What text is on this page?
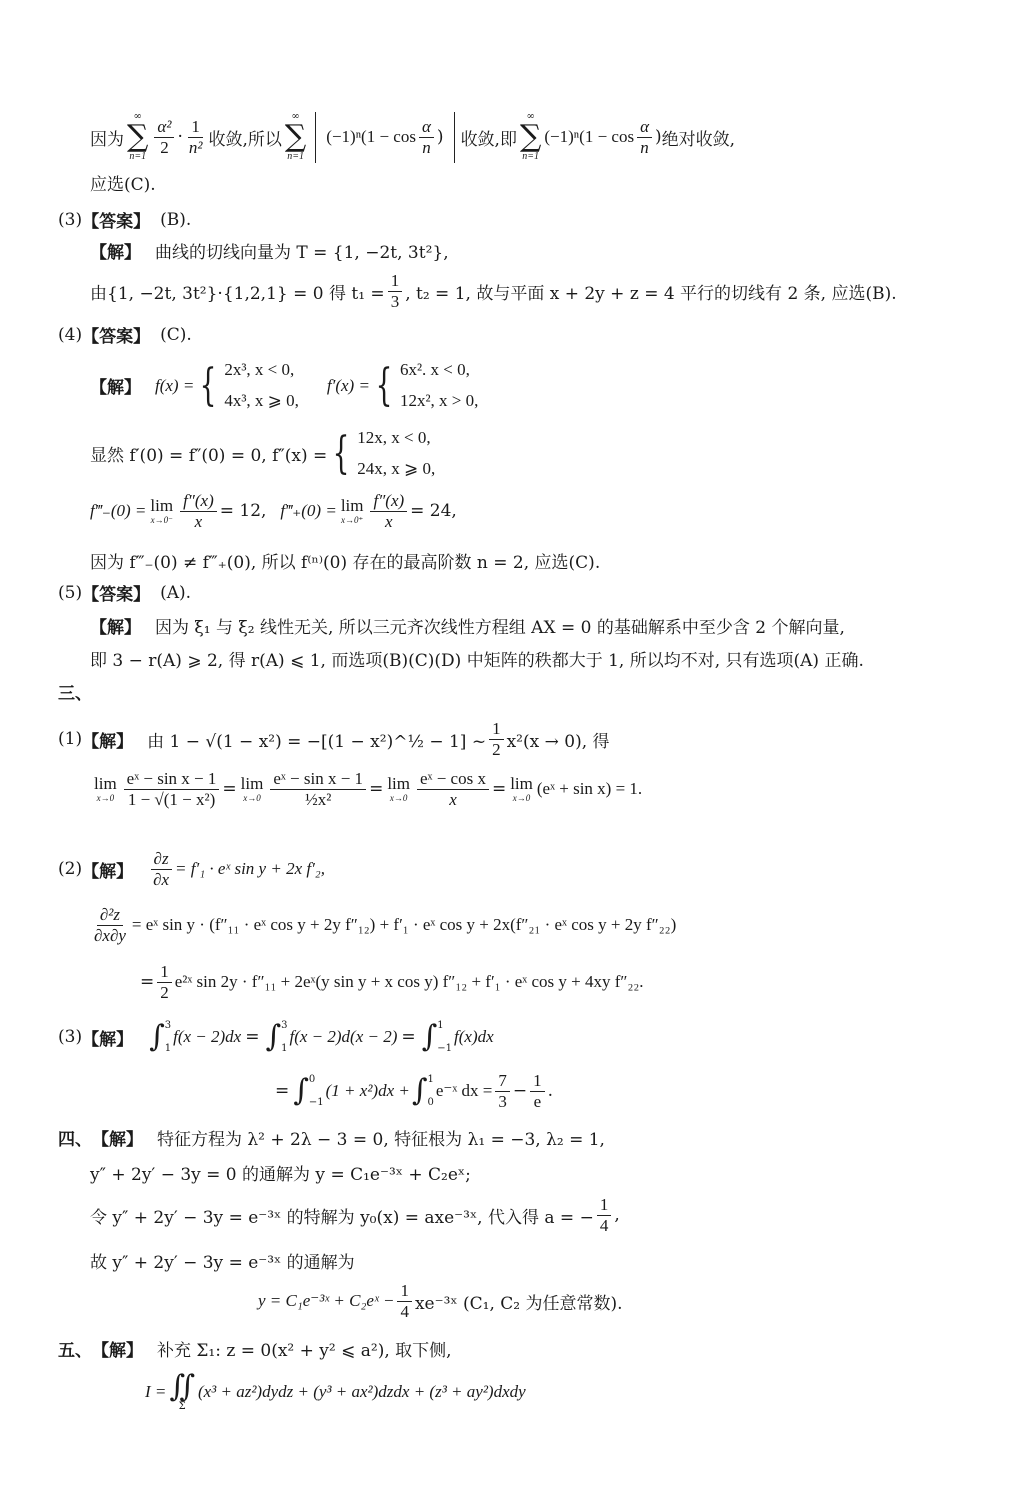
因为
∞
∑
n=1
$\frac{\text{α²}}{2} \cdot \frac{1}{\text{n²}}$ 收敛,所以
∞
∑
n=1
$(-1)^n(1 - \cos \frac{\alpha}{n}$ ) 收敛,即
∞
∑
n=1
$(-1)^n(1 - \cos \frac{\alpha}{n}$ ) 绝对收敛,
应选(C).
(3) 【答案】 (B).
【解】 曲线的切线向量为 T = {1, −2t, 3t²},
由{1, −2t, 3t²}·{1,2,1} = 0 得 $t_1 = \frac{1}{3}$ , t₂ = 1, 故与平面 x + 2y + z = 4 平行的切线有 2 条, 应选(B).
(4) 【答案】 (C).
【解】 f(x) = { 2x³, x < 0,
4x³, x ⩾ 0,
f′(x) = { 6x². x < 0,
12x², x > 0,
显然 f′(0) = f″(0) = 0, f″(x) = { 12x, x < 0,
24x, x ⩾ 0,
f‴₋(0) = lim
$x\to 0^- \frac{f''(x)}{x} = 12$, f‴₊(0) = lim
$x\to 0^+ \frac{f''(x)}{x} = 24$,
因为 f‴₋(0) ≠ f‴₊(0), 所以 f⁽ⁿ⁾(0) 存在的最高阶数 n = 2, 应选(C).
(5) 【答案】 (A).
【解】 因为 ξ₁ 与 ξ₂ 线性无关, 所以三元齐次线性方程组 AX = 0 的基础解系中至少含 2 个解向量,
即 3 − r(A) ⩾ 2, 得 r(A) ⩽ 1, 而选项(B)(C)(D) 中矩阵的秩都大于 1, 所以均不对, 只有选项(A) 正确.
三、
(1) 【解】 由 1 − √(1 − x²) = −[(1 − x²)^½ − 1] ~ $\frac{1}{2} x^2(x \to 0)$, 得
lim
$x\to 0 \frac{\text{eˣ − sin x − 1}}{\text{1 − √(1 − x²)}} = \lim$
$x\to 0 \frac{\text{eˣ − sin x − 1}}{\text{½x²}} = \lim$
$x\to 0 \frac{\text{eˣ − cos x}}{x} = \lim$
x→0 (eˣ + sin x) = 1.
(2) 【解】 $\frac{\partial z}{\partial x} = f'_1$ · eˣ sin y + 2x f′₂,
$\frac{\text{∂²z}}{\partial x\partial y}$ = eˣ sin y · (f″₁₁ · eˣ cos y + 2y f″₁₂) + f′₁ · eˣ cos y + 2x(f″₂₁ · eˣ cos y + 2y f″₂₂)
= $\frac{1}{2}$ e²ˣ sin 2y · f″₁₁ + 2eˣ(y sin y + x cos y) f″₁₂ + f′₁ · eˣ cos y + 4xy f″₂₂.
(3) 【解】 ∫ 3
1
f(x − 2)dx = ∫ 3
1
f(x − 2)d(x − 2) = ∫ 1
−1
f(x)dx
= ∫ 0
−1
(1 + x²)dx + ∫ 1
0
e⁻ˣ dx = $\frac{7}{3} - \frac{1}{e}$ .
四、 【解】 特征方程为 λ² + 2λ − 3 = 0, 特征根为 λ₁ = −3, λ₂ = 1,
y″ + 2y′ − 3y = 0 的通解为 y = C₁e⁻³ˣ + C₂eˣ;
令 y″ + 2y′ − 3y = e⁻³ˣ 的特解为 y₀(x) = axe⁻³ˣ, 代入得 a = − $\frac{1}{4}$ ,
故 y″ + 2y′ − 3y = e⁻³ˣ 的通解为
y = C₁e⁻³ˣ + C₂eˣ − $\frac{1}{4}$ xe⁻³ˣ (C₁, C₂ 为任意常数).
五、 【解】 补充 Σ₁: z = 0(x² + y² ⩽ a²), 取下侧,
I = ∬
Σ
(x³ + az²)dydz + (y³ + ax²)dzdx + (z³ + ay²)dxdy
